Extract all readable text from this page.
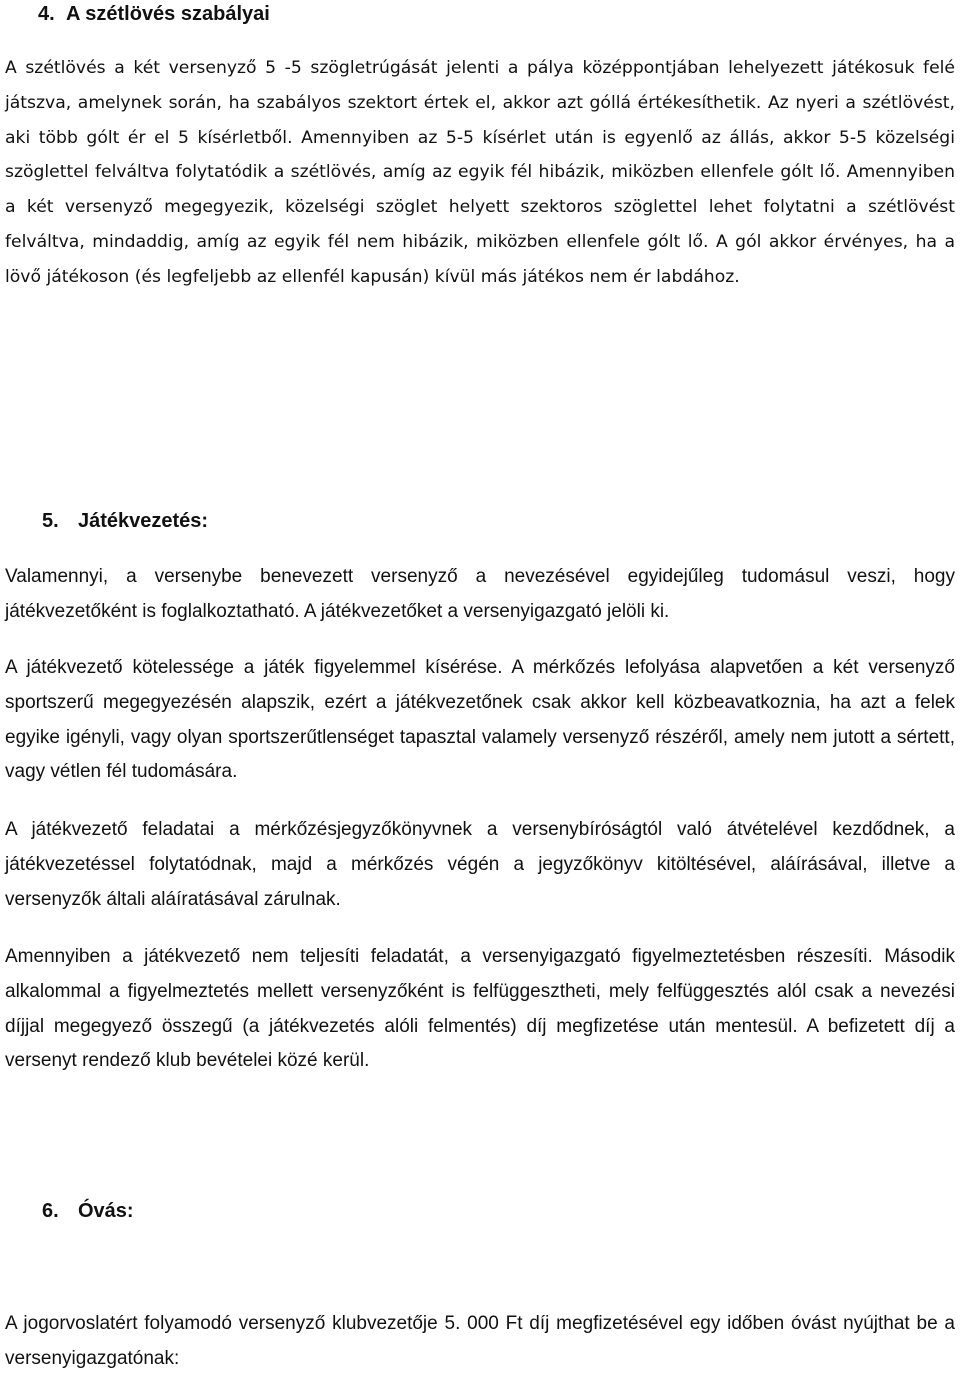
4. A szétlövés szabályai

A szétlövés a két versenyző 5 -5 szögletrúgását jelenti a pálya középpontjában lehelyezett játékosuk felé játszva, amelynek során, ha szabályos szektort értek el, akkor azt góllá értékesíthetik. Az nyeri a szétlövést, aki több gólt ér el 5 kísérletből. Amennyiben az 5-5 kísérlet után is egyenlő az állás, akkor 5-5 közelségi szöglettel felváltva folytatódik a szétlövés, amíg az egyik fél hibázik, miközben ellenfele gólt lő. Amennyiben a két versenyző megegyezik, közelségi szöglet helyett szektoros szöglettel lehet folytatni a szétlövést felváltva, mindaddig, amíg az egyik fél nem hibázik, miközben ellenfele gólt lő. A gól akkor érvényes, ha a lövő játékoson (és legfeljebb az ellenfél kapusán) kívül más játékos nem ér labdához.

5. Játékvezetés:

Valamennyi, a versenybe benevezett versenyző a nevezésével egyidejűleg tudomásul veszi, hogy játékvezetőként is foglalkoztatható. A játékvezetőket a versenyigazgató jelöli ki.

A játékvezető kötelessége a játék figyelemmel kísérése. A mérkőzés lefolyása alapvetően a két versenyző sportszerű megegyezésén alapszik, ezért a játékvezetőnek csak akkor kell közbeavatkoznia, ha azt a felek egyike igényli, vagy olyan sportszerűtlenséget tapasztal valamely versenyző részéről, amely nem jutott a sértett, vagy vétlen fél tudomására.

A játékvezető feladatai a mérkőzésjegyzőkönyvnek a versenybíróságtól való átvételével kezdődnek, a játékvezetéssel folytatódnak, majd a mérkőzés végén a jegyzőkönyv kitöltésével, aláírásával, illetve a versenyzők általi aláíratásával zárulnak.

Amennyiben a játékvezető nem teljesíti feladatát, a versenyigazgató figyelmeztetésben részesíti. Második alkalommal a figyelmeztetés mellett versenyzőként is felfüggesztheti, mely felfüggesztés alól csak a nevezési díjjal megegyező összegű (a játékvezetés alóli felmentés) díj megfizetése után mentesül. A befizetett díj a versenyt rendező klub bevételei közé kerül.

6. Óvás:

A jogorvoslatért folyamodó versenyző klubvezetője 5. 000 Ft díj megfizetésével egy időben óvást nyújthat be a versenyigazgatónak:
